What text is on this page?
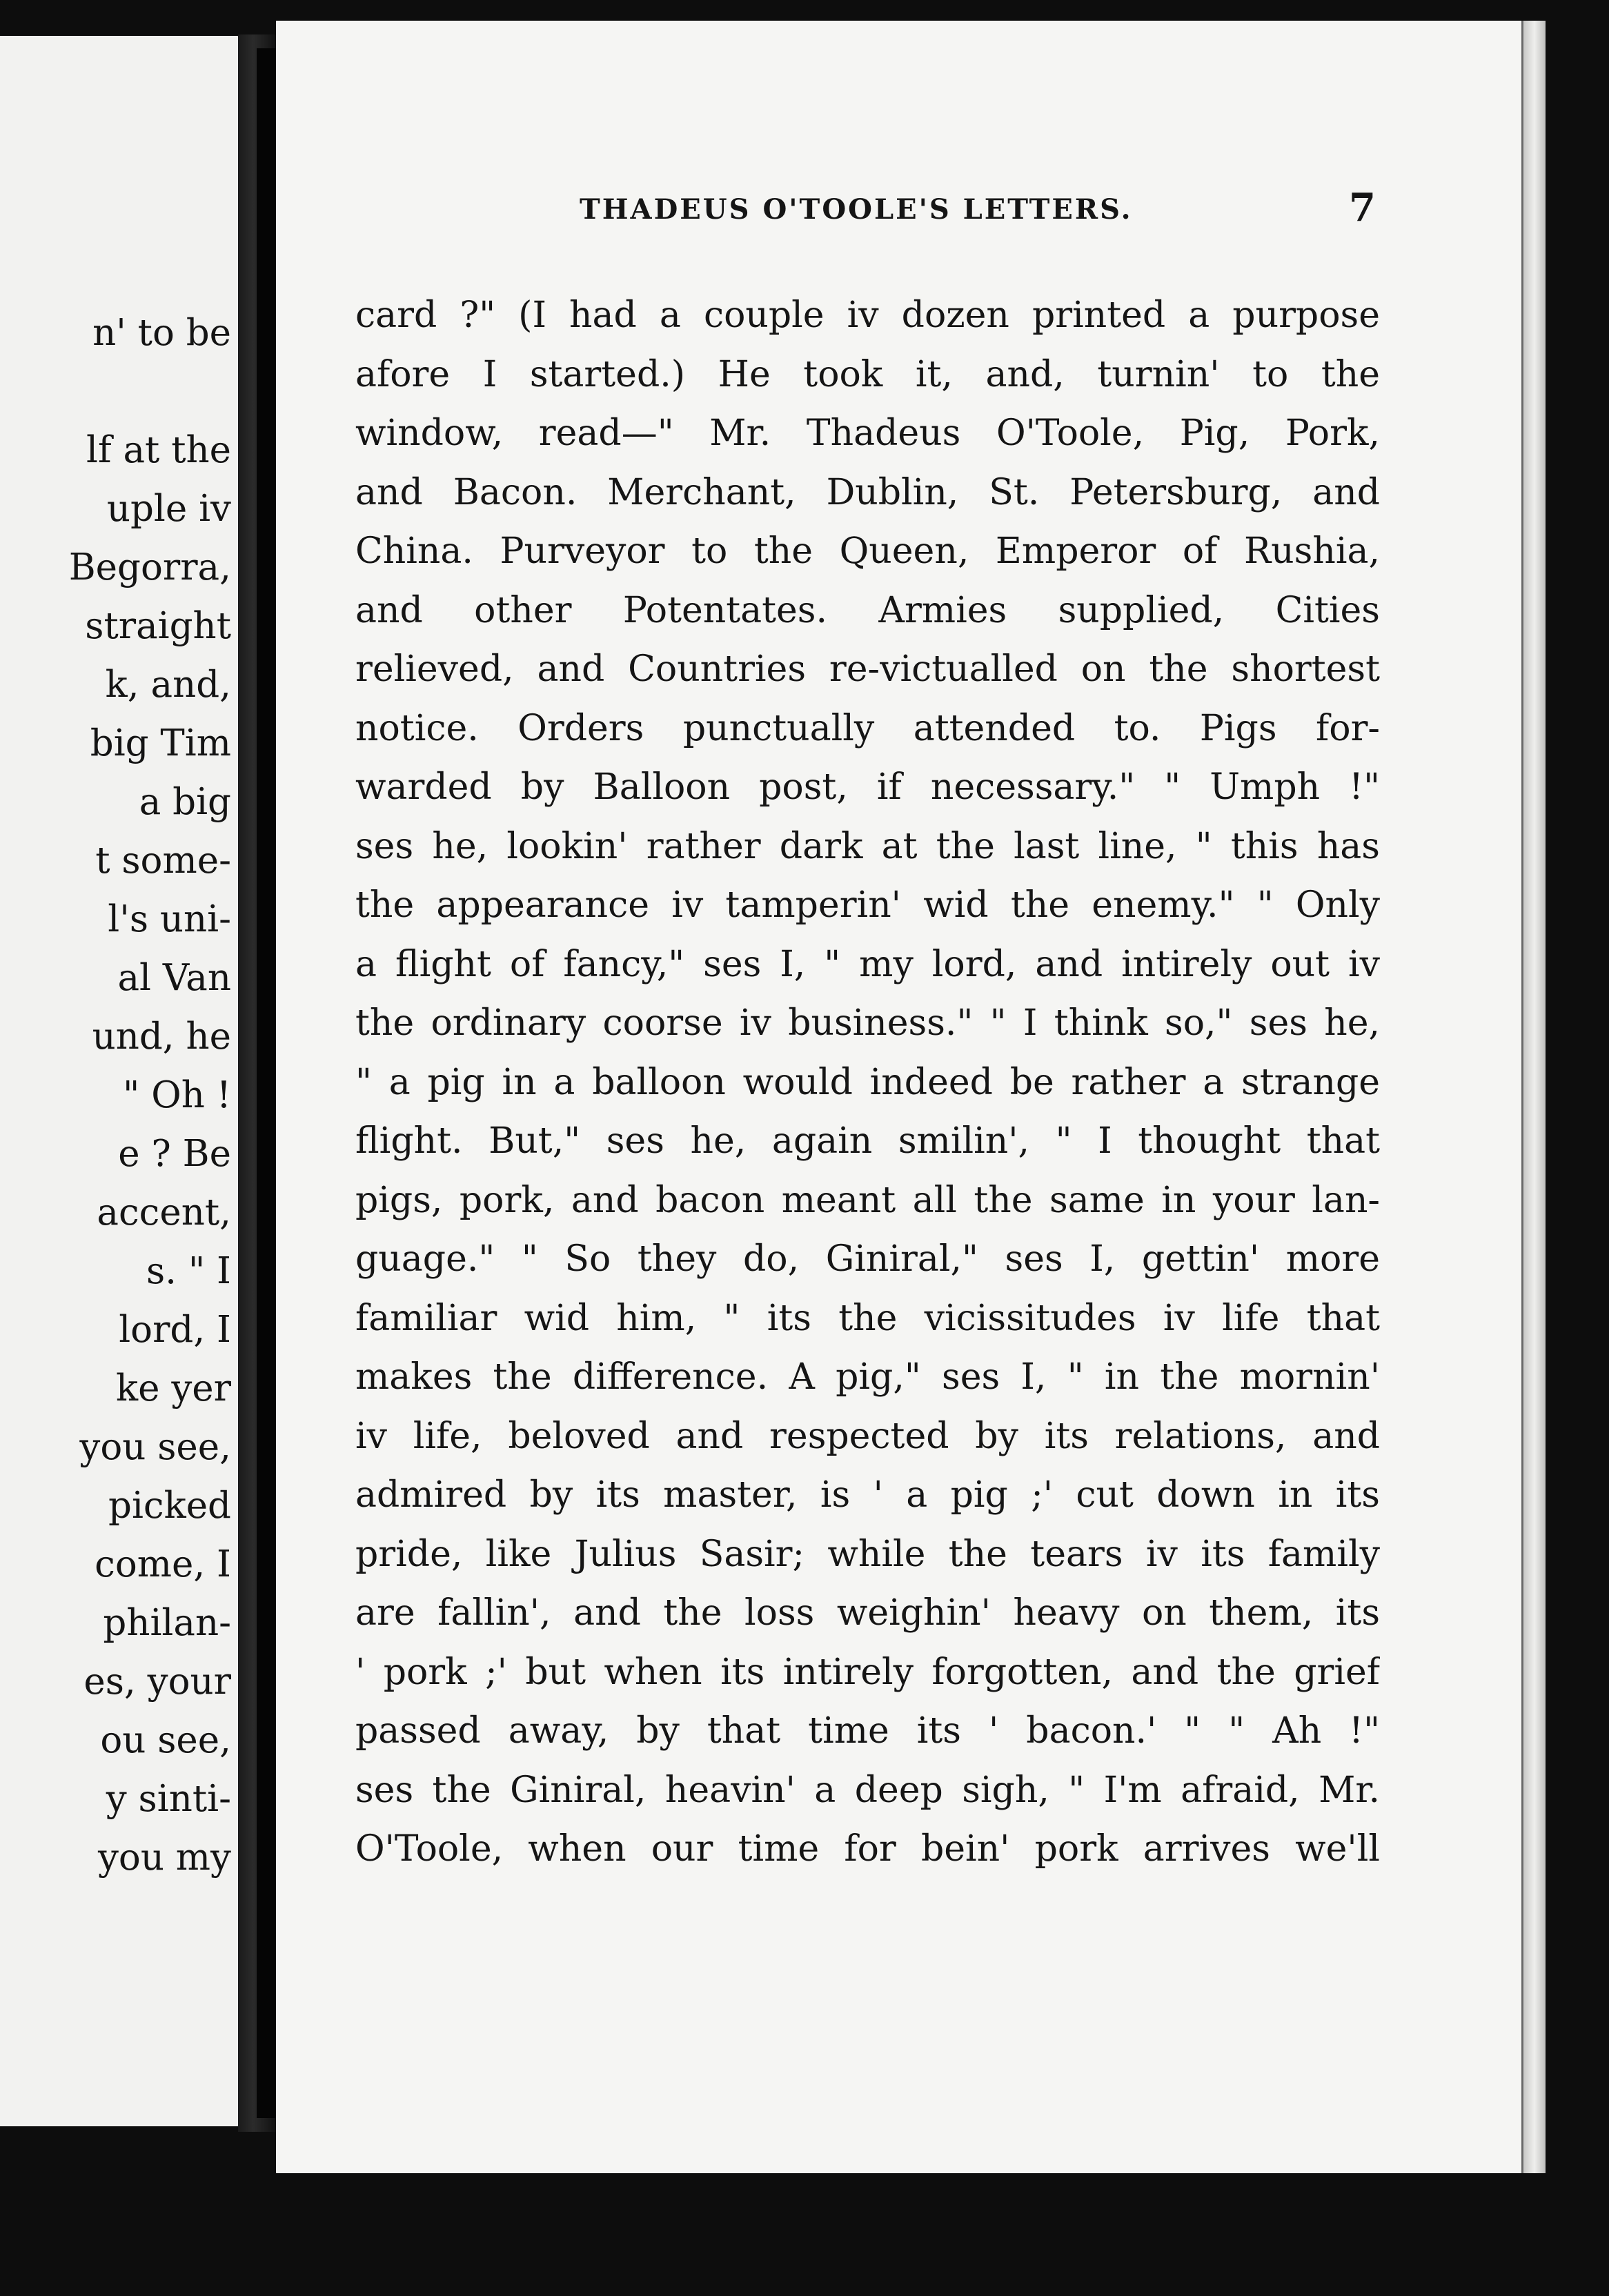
n' to be
lf at the
uple iv
Begorra,
straight
k, and,
big Tim
a big
t some-
l's uni-
al Van
und, he
" Oh !
e ? Be
accent,
s. " I
lord, I
ke yer
you see,
picked
come, I
philan-
es, your
ou see,
y sinti-
you my
THADEUS O'TOOLE'S LETTERS.	7
card ?" (I had a couple iv dozen printed a purpose
afore I started.) He took it, and, turnin' to the
window, read—" Mr. Thadeus O'Toole, Pig, Pork,
and Bacon. Merchant, Dublin, St. Petersburg, and
China. Purveyor to the Queen, Emperor of Rushia,
and other Potentates. Armies supplied, Cities
relieved, and Countries re-victualled on the shortest
notice. Orders punctually attended to. Pigs for-
warded by Balloon post, if necessary." " Umph !"
ses he, lookin' rather dark at the last line, " this has
the appearance iv tamperin' wid the enemy." " Only
a flight of fancy," ses I, " my lord, and intirely out iv
the ordinary coorse iv business." " I think so," ses he,
" a pig in a balloon would indeed be rather a strange
flight. But," ses he, again smilin', " I thought that
pigs, pork, and bacon meant all the same in your lan-
guage." " So they do, Giniral," ses I, gettin' more
familiar wid him, " its the vicissitudes iv life that
makes the difference. A pig," ses I, " in the mornin'
iv life, beloved and respected by its relations, and
admired by its master, is ' a pig ;' cut down in its
pride, like Julius Sasir; while the tears iv its family
are fallin', and the loss weighin' heavy on them, its
' pork ;' but when its intirely forgotten, and the grief
passed away, by that time its ' bacon.' " " Ah !"
ses the Giniral, heavin' a deep sigh, " I'm afraid, Mr.
O'Toole, when our time for bein' pork arrives we'll
